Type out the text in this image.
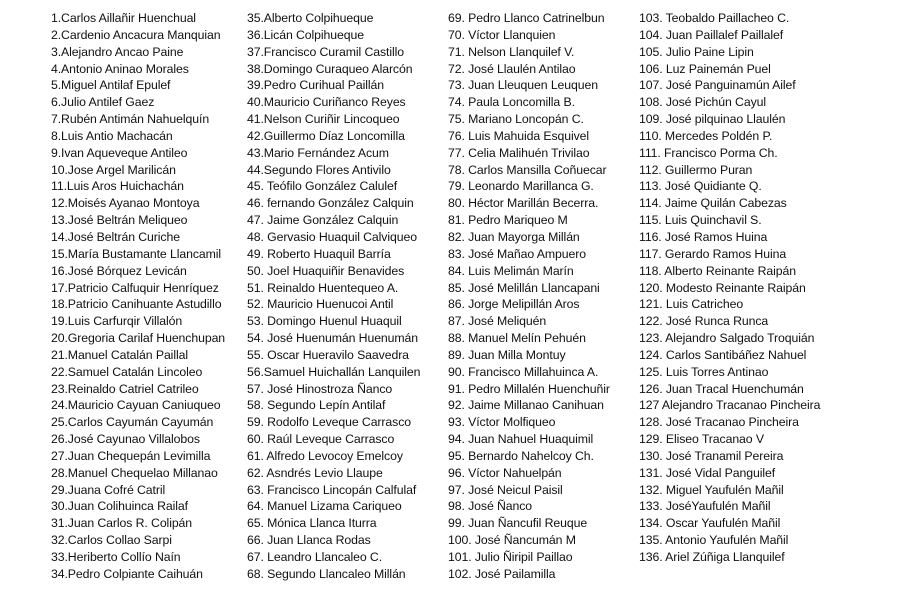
1.Carlos Aillañir Huenchual
2.Cardenio Ancacura Manquian
3.Alejandro Ancao Paine
4.Antonio Aninao Morales
5.Miguel Antilaf Epulef
6.Julio Antilef Gaez
7.Rubén Antimán Nahuelquín
8.Luis Antio Machacán
9.Ivan Aqueveque Antileo
10.Jose Argel Marilicán
11.Luis Aros Huichachán
12.Moisés Ayanao Montoya
13.José Beltrán Meliqueo
14.José Beltrán Curiche
15.María Bustamante Llancamil
16.José Bórquez Levicán
17.Patricio Calfuquir Henríquez
18.Patricio Canihuante Astudillo
19.Luis Carfurqir Villalón
20.Gregoria Carilaf Huenchupan
21.Manuel Catalán Paillal
22.Samuel Catalán Lincoleo
23.Reinaldo Catriel Catrileo
24.Mauricio Cayuan Caniuqueo
25.Carlos Cayumán Cayumán
26.José Cayunao Villalobos
27.Juan Chequepán Levimilla
28.Manuel Chequelao Millanao
29.Juana Cofré Catril
30.Juan Colihuinca Railaf
31.Juan Carlos R. Colipán
32.Carlos Collao Sarpi
33.Heriberto Collío Naín
34.Pedro Colpiante Caihuán
35.Alberto Colpihueque
36.Licán Colpihueque
37.Francisco Curamil Castillo
38.Domingo Curaqueo Alarcón
39.Pedro Curihual Paillán
40.Mauricio Curiñanco Reyes
41.Nelson Curiñir Lincoqueo
42.Guillermo Díaz Loncomilla
43.Mario Fernández Acum
44.Segundo Flores Antivilo
45. Teófilo González Calulef
46. fernando González Calquin
47. Jaime González Calquin
48. Gervasio Huaquil Calviqueo
49. Roberto Huaquil Barría
50. Joel Huaquiñir Benavides
51. Reinaldo Huentequeo A.
52. Mauricio Huenucoi Antil
53. Domingo Huenul Huaquil
54. José Huenumán Huenumán
55. Oscar Hueravilo Saavedra
56.Samuel Huichallán Lanquilen
57. José Hinostroza Ñanco
58. Segundo Lepín Antilaf
59. Rodolfo Leveque Carrasco
60. Raúl Leveque Carrasco
61. Alfredo Levocoy Emelcoy
62. Asndrés Levio Llaupe
63. Francisco Lincopán Calfulaf
64. Manuel Lizama Cariqueo
65. Mónica Llanca Iturra
66. Juan Llanca Rodas
67. Leandro Llancaleo C.
68. Segundo Llancaleo Millán
69. Pedro Llanco Catrinelbun
70. Víctor Llanquien
71. Nelson Llanquilef V.
72. José Llaulén Antilao
73. Juan Lleuquen Leuquen
74. Paula Loncomilla B.
75. Mariano Loncopán C.
76. Luis Mahuida Esquivel
77. Celia Malihuén Trivilao
78. Carlos Mansilla Coñuecar
79. Leonardo Marillanca G.
80. Héctor Marillán Becerra.
81. Pedro Mariqueo M
82. Juan Mayorga Millán
83. José Mañao Ampuero
84. Luis Melimán Marín
85. José Melillán Llancapani
86. Jorge Melipillán Aros
87. José Meliquén
88. Manuel Melín Pehuén
89. Juan Milla Montuy
90. Francisco Millahuinca A.
91. Pedro Millalén Huenchuñir
92. Jaime Millanao Canihuan
93. Víctor Molfiqueo
94. Juan Nahuel Huaquimil
95. Bernardo Nahelcoy Ch.
96. Víctor Nahuelpán
97. José Neicul Paisil
98. José Ñanco
99. Juan Ñancufil Reuque
100. José Ñancumán M
101. Julio Ñiripil Paillao
102. José Pailamilla
103. Teobaldo Paillacheo C.
104. Juan Paillalef Paillalef
105. Julio Paine Lipin
106. Luz Painemán Puel
107. José Panguinamún Ailef
108. José Pichún Cayul
109. José pilquinao Llaulén
110. Mercedes Poldén P.
111. Francisco Porma Ch.
112. Guillermo Puran
113. José Quidiante Q.
114. Jaime Quilán Cabezas
115. Luis Quinchavil S.
116. José Ramos Huina
117. Gerardo Ramos Huina
118. Alberto Reinante Raipán
120. Modesto Reinante Raipán
121. Luis Catricheo
122. José Runca Runca
123. Alejandro Salgado Troquián
124. Carlos Santibáñez Nahuel
125. Luis Torres Antinao
126. Juan Tracal Huenchumán
127 Alejandro Tracanao Pincheira
128. José Tracanao Pincheira
129. Eliseo Tracanao V
130. José Tranamil Pereira
131. José Vidal Panguilef
132. Miguel Yaufulén Mañil
133. JoséYaufulén Mañil
134. Oscar Yaufulén Mañil
135. Antonio Yaufulén Mañil
136. Ariel Zúñiga Llanquilef
